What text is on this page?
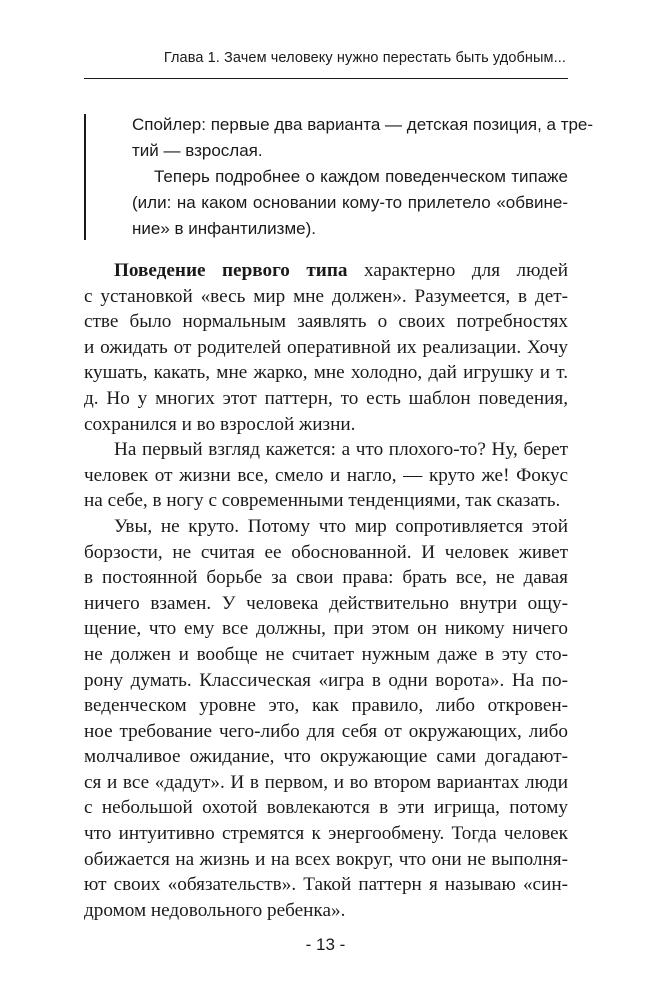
Глава 1. Зачем человеку нужно перестать быть удобным...
Спойлер: первые два варианта — детская позиция, а тре-
тий — взрослая.
Теперь подробнее о каждом поведенческом типаже
(или: на каком основании кому-то прилетело «обвине-
ние» в инфантилизме).
Поведение первого типа характерно для людей
с установкой «весь мир мне должен». Разумеется, в дет-
стве было нормальным заявлять о своих потребностях
и ожидать от родителей оперативной их реализации. Хочу
кушать, какать, мне жарко, мне холодно, дай игрушку и т.
д. Но у многих этот паттерн, то есть шаблон поведения,
сохранился и во взрослой жизни.
На первый взгляд кажется: а что плохого-то? Ну, берет
человек от жизни все, смело и нагло, — круто же! Фокус
на себе, в ногу с современными тенденциями, так сказать.
Увы, не круто. Потому что мир сопротивляется этой
борзости, не считая ее обоснованной. И человек живет
в постоянной борьбе за свои права: брать все, не давая
ничего взамен. У человека действительно внутри ощу-
щение, что ему все должны, при этом он никому ничего
не должен и вообще не считает нужным даже в эту сто-
рону думать. Классическая «игра в одни ворота». На по-
веденческом уровне это, как правило, либо откровен-
ное требование чего-либо для себя от окружающих, либо
молчаливое ожидание, что окружающие сами догадают-
ся и все «дадут». И в первом, и во втором вариантах люди
с небольшой охотой вовлекаются в эти игрища, потому
что интуитивно стремятся к энергообмену. Тогда человек
обижается на жизнь и на всех вокруг, что они не выполня-
ют своих «обязательств». Такой паттерн я называю «син-
дромом недовольного ребенка».
- 13 -
